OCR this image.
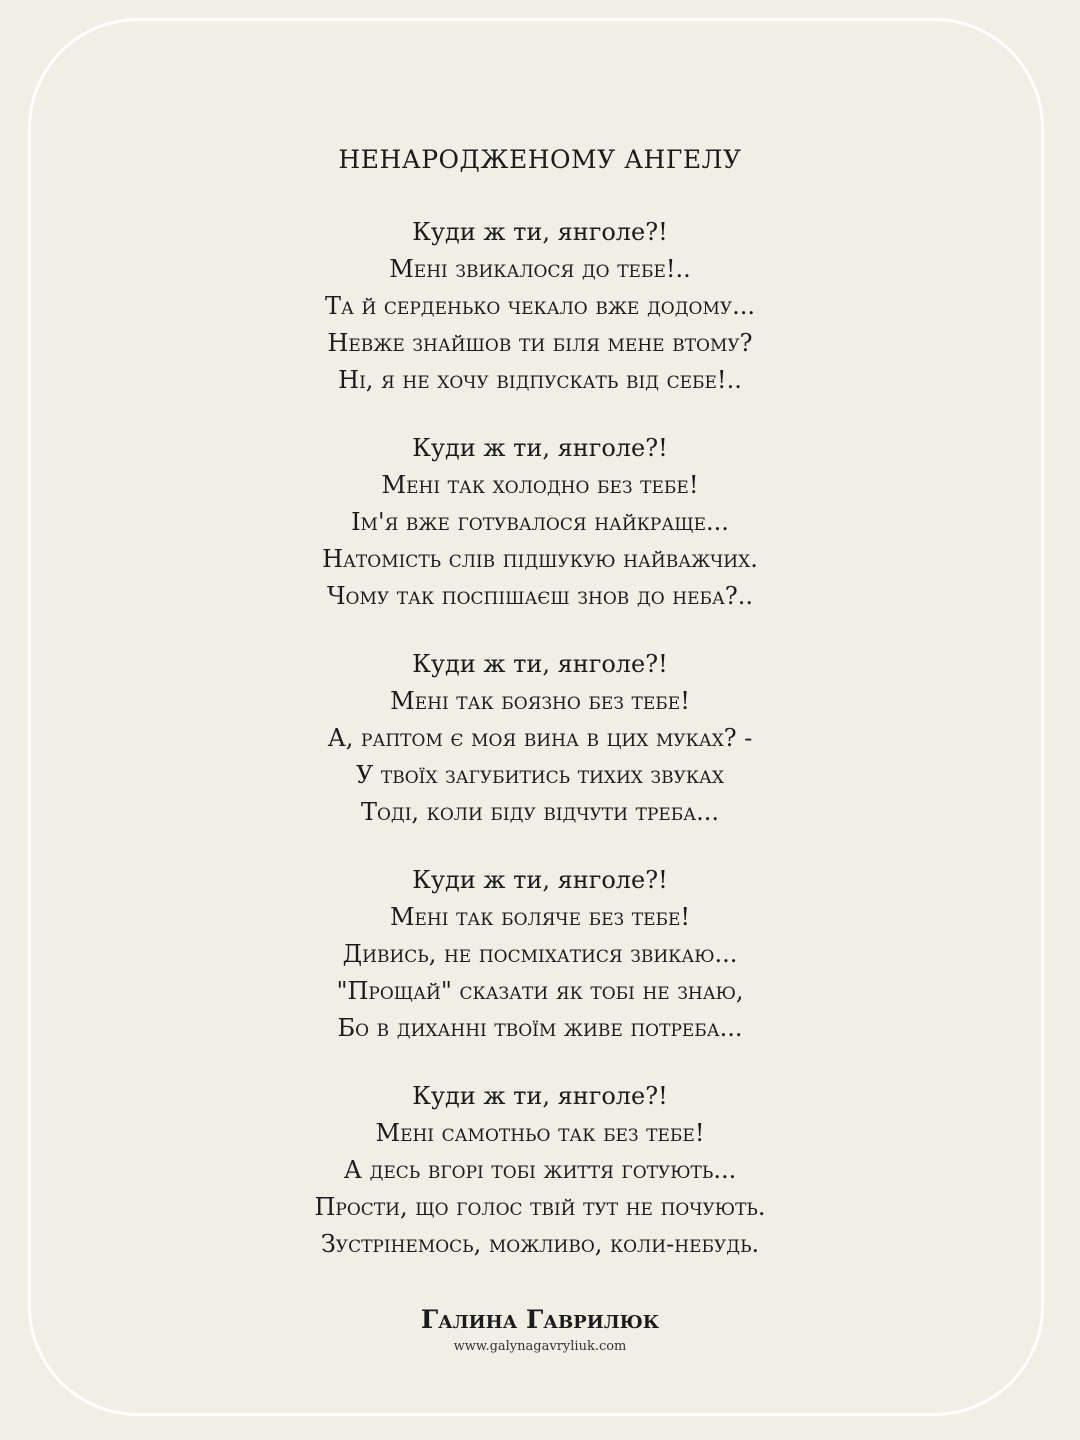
НЕНАРОДЖЕНОМУ АНГЕЛУ
Куди ж ти, янголе?!
Мені звикалося до тебе!..
Та й серденько чекало вже додому...
Невже знайшов ти біля мене втому?
Ні, я не хочу відпускать від себе!..
Куди ж ти, янголе?!
Мені так холодно без тебе!
Ім'я вже готувалося найкраще...
Натомість слів підшукую найважчих.
Чому так поспішаєш знов до неба?..
Куди ж ти, янголе?!
Мені так боязно без тебе!
А, раптом є моя вина в цих муках? -
У твоїх загубитись тихих звуках
Тоді, коли біду відчути треба...
Куди ж ти, янголе?!
Мені так боляче без тебе!
Дивись, не посміхатися звикаю...
"Прощай" сказати як тобі не знаю,
Бо в диханні твоїм живе потреба...
Куди ж ти, янголе?!
Мені самотньо так без тебе!
А десь вгорі тобі життя готують...
Прости, що голос твій тут не почують.
Зустрінемось, можливо, коли-небудь.
Галина Гаврилюк
www.galynagavryliuk.com
